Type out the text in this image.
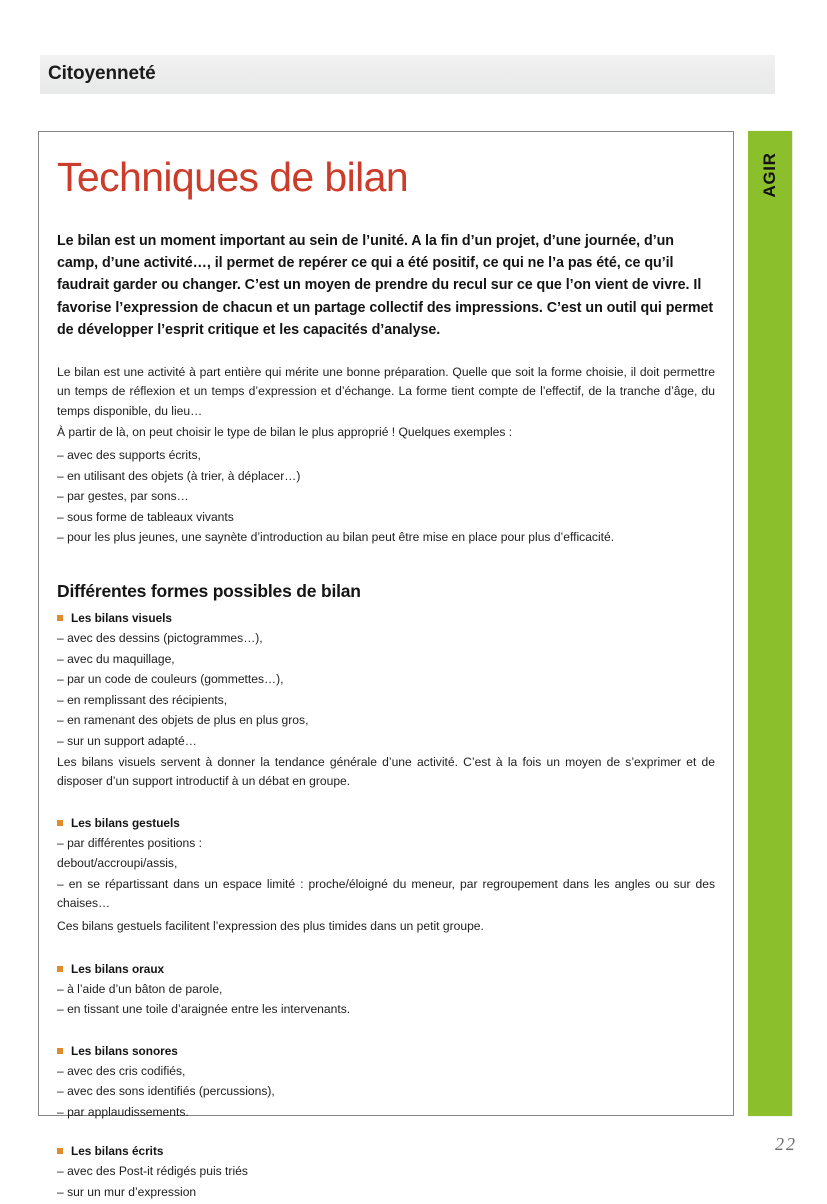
Citoyenneté
AGIR
Techniques de bilan

Le bilan est un moment important au sein de l’unité. A la fin d’un projet, d’une journée, d’un camp, d’une activité…, il permet de repérer ce qui a été positif, ce qui ne l’a pas été, ce qu’il faudrait garder ou changer. C’est un moyen de prendre du recul sur ce que l’on vient de vivre. Il favorise l’expression de chacun et un partage collectif des impressions. C’est un outil qui permet de développer l’esprit critique et les capacités d’analyse.

Le bilan est une activité à part entière qui mérite une bonne préparation. Quelle que soit la forme choisie, il doit permettre un temps de réflexion et un temps d’expression et d’échange. La forme tient compte de l’effectif, de la tranche d’âge, du temps disponible, du lieu…

À partir de là, on peut choisir le type de bilan le plus approprié ! Quelques exemples :

– avec des supports écrits,
– en utilisant des objets (à trier, à déplacer…)
– par gestes, par sons…
– sous forme de tableaux vivants
– pour les plus jeunes, une saynète d’introduction au bilan peut être mise en place pour plus d’efficacité.
Différentes formes possibles de bilan
Les bilans visuels
– avec des dessins (pictogrammes…),
– avec du maquillage,
– par un code de couleurs (gommettes…),
– en remplissant des récipients,
– en ramenant des objets de plus en plus gros,
– sur un support adapté…

Les bilans visuels servent à donner la tendance générale d’une activité. C’est à la fois un moyen de s’exprimer et de disposer d’un support introductif à un débat en groupe.

Les bilans gestuels
– par différentes positions :
debout/accroupi/assis,
– en se répartissant dans un espace limité : proche/éloigné du meneur, par regroupement dans les angles ou sur des chaises…

Ces bilans gestuels facilitent l’expression des plus timides dans un petit groupe.

Les bilans oraux
– à l’aide d’un bâton de parole,
– en tissant une toile d’araignée entre les intervenants.
Les bilans sonores
– avec des cris codifiés,
– avec des sons identifiés (percussions),
– par applaudissements.
Les bilans écrits
– avec des Post-it rédigés puis triés
– sur un mur d’expression
22
